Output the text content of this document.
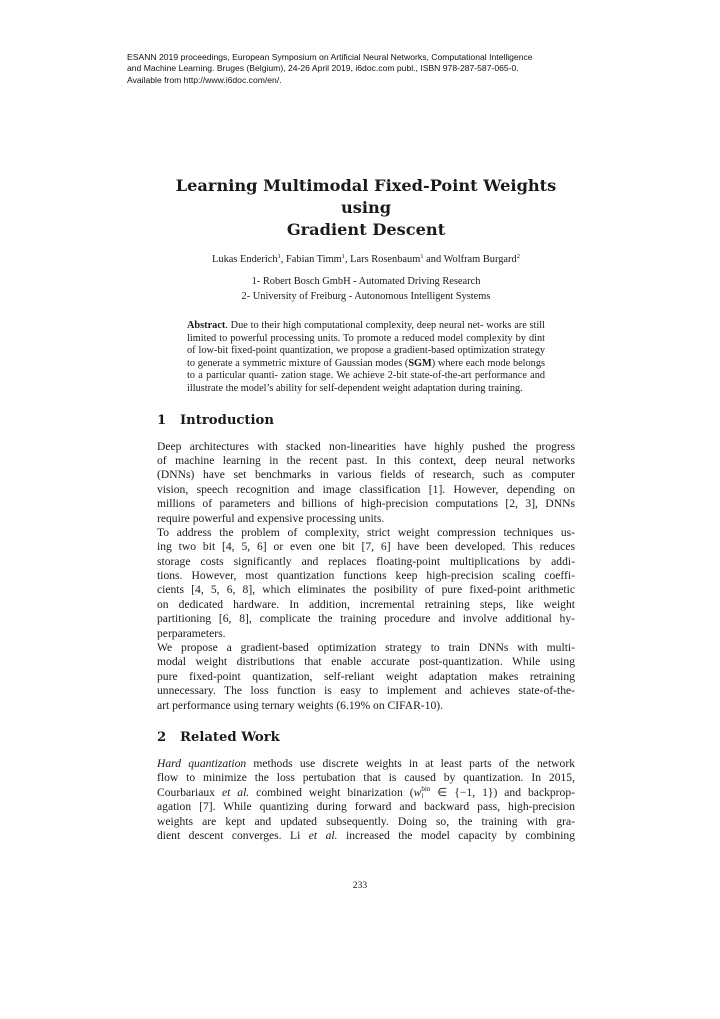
ESANN 2019 proceedings, European Symposium on Artificial Neural Networks, Computational Intelligence
and Machine Learning. Bruges (Belgium), 24-26 April 2019, i6doc.com publ., ISBN 978-287-587-065-0.
Available from http://www.i6doc.com/en/.
Learning Multimodal Fixed-Point Weights using
Gradient Descent
Lukas Enderich$^1$, Fabian Timm$^1$, Lars Rosenbaum$^1$ and Wolfram Burgard$^2$
1- Robert Bosch GmbH - Automated Driving Research
2- University of Freiburg - Autonomous Intelligent Systems
Abstract. Due to their high computational complexity, deep neural net- works are still limited to powerful processing units. To promote a reduced model complexity by dint of low-bit fixed-point quantization, we propose a gradient-based optimization strategy to generate a symmetric mixture of Gaussian modes (SGM) where each mode belongs to a particular quanti- zation stage. We achieve 2-bit state-of-the-art performance and illustrate the model’s ability for self-dependent weight adaptation during training.
1 Introduction
Deep architectures with stacked non-linearities have highly pushed the progress
of machine learning in the recent past. In this context, deep neural networks
(DNNs) have set benchmarks in various fields of research, such as computer
vision, speech recognition and image classification [1]. However, depending on
millions of parameters and billions of high-precision computations [2, 3], DNNs
require powerful and expensive processing units.
To address the problem of complexity, strict weight compression techniques us-
ing two bit [4, 5, 6] or even one bit [7, 6] have been developed. This reduces
storage costs significantly and replaces floating-point multiplications by addi-
tions. However, most quantization functions keep high-precision scaling coeffi-
cients [4, 5, 6, 8], which eliminates the posibility of pure fixed-point arithmetic
on dedicated hardware. In addition, incremental retraining steps, like weight
partitioning [6, 8], complicate the training procedure and involve additional hy-
perparameters.
We propose a gradient-based optimization strategy to train DNNs with multi-
modal weight distributions that enable accurate post-quantization. While using
pure fixed-point quantization, self-reliant weight adaptation makes retraining
unnecessary. The loss function is easy to implement and achieves state-of-the-
art performance using ternary weights (6.19% on CIFAR-10).
2 Related Work
Hard quantization methods use discrete weights in at least parts of the network
flow to minimize the loss pertubation that is caused by quantization. In 2015,
Courbariaux et al. combined weight binarization (w bin
i ∈ {−1, 1}) and backprop-
agation [7]. While quantizing during forward and backward pass, high-precision
weights are kept and updated subsequently. Doing so, the training with gra-
dient descent converges. Li et al. increased the model capacity by combining
233
